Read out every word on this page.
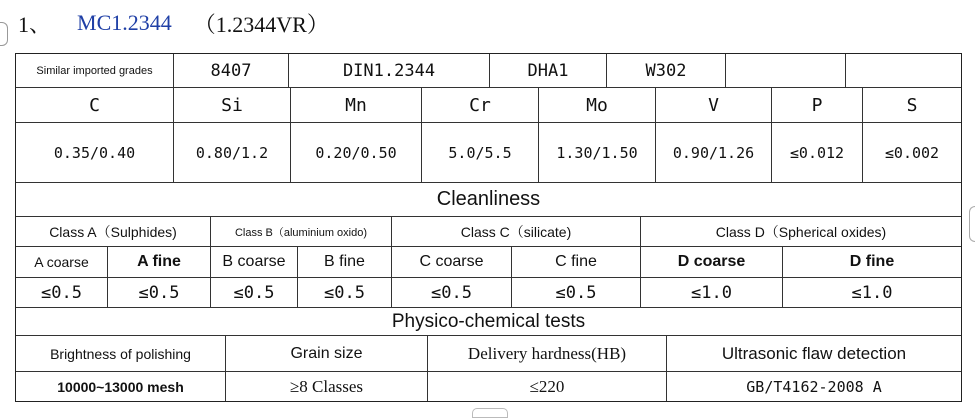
1、 MC1.2344 （1.2344VR）
Similar imported grades	8407	DIN1.2344	DHA1	W302
C	Si	Mn	Cr	Mo	V	P	S
0.35/0.40	0.80/1.2	0.20/0.50	5.0/5.5	1.30/1.50	0.90/1.26	≤0.012	≤0.002
Cleanliness
Class A（Sulphides)	Class B（aluminium oxido)	Class C（silicate)	Class D（Spherical oxides)
A coarse	A fine	B coarse	B fine	C coarse	C fine	D coarse	D fine
≤0.5	≤0.5	≤0.5	≤0.5	≤0.5	≤0.5	≤1.0	≤1.0
Physico-chemical tests
Brightness of polishing	Grain size	Delivery hardness(HB)	Ultrasonic flaw detection
10000~13000 mesh	≥8 Classes	≤220	GB/T4162-2008 A
